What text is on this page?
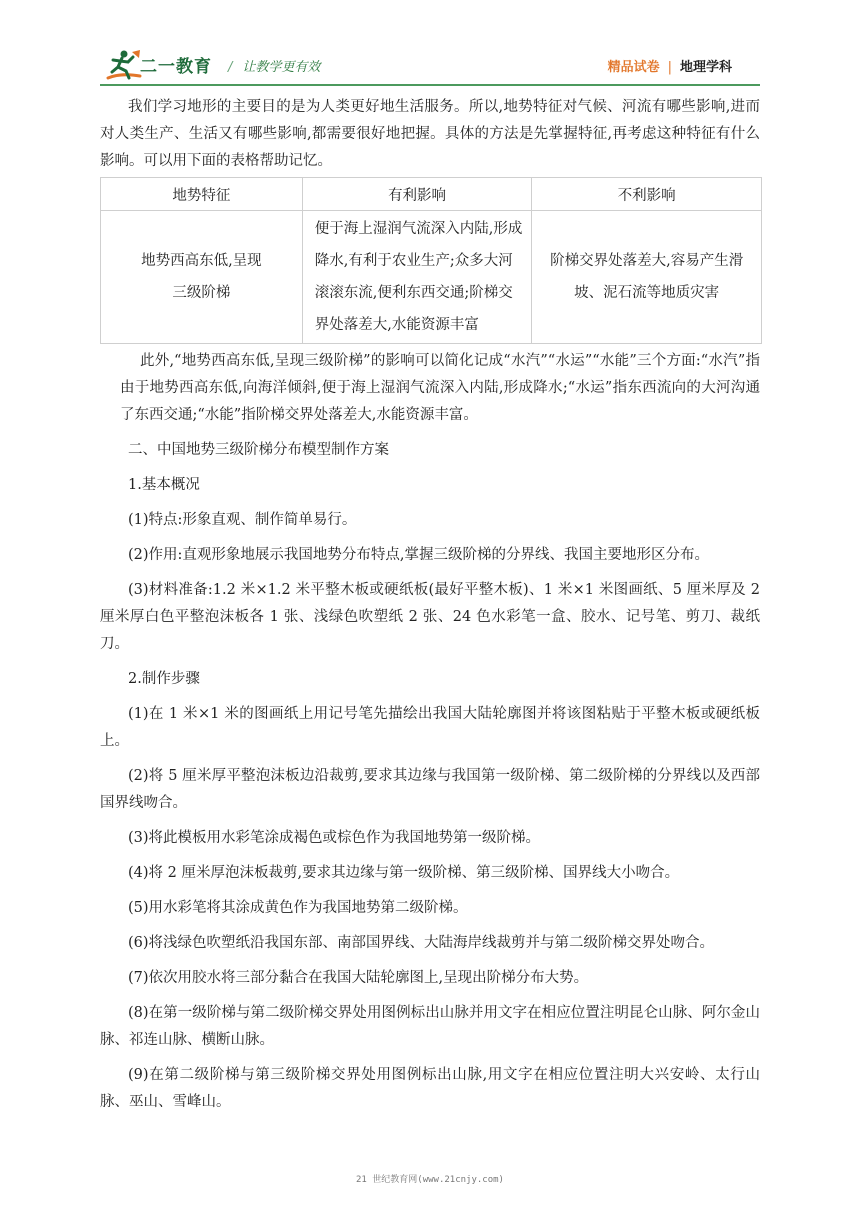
二一教育 / 让教学更有效	精品试卷 | 地理学科

我们学习地形的主要目的是为人类更好地生活服务。所以,地势特征对气候、河流有哪些影响,进而对人类生产、生活又有哪些影响,都需要很好地把握。具体的方法是先掌握特征,再考虑这种特征有什么影响。可以用下面的表格帮助记忆。

地势特征	有利影响	不利影响
地势西高东低,呈现三级阶梯	便于海上湿润气流深入内陆,形成降水,有利于农业生产;众多大河滚滚东流,便利东西交通;阶梯交界处落差大,水能资源丰富	阶梯交界处落差大,容易产生滑坡、泥石流等地质灾害

此外,“地势西高东低,呈现三级阶梯”的影响可以简化记成“水汽”“水运”“水能”三个方面:“水汽”指由于地势西高东低,向海洋倾斜,便于海上湿润气流深入内陆,形成降水;“水运”指东西流向的大河沟通了东西交通;“水能”指阶梯交界处落差大,水能资源丰富。

二、中国地势三级阶梯分布模型制作方案

1.基本概况

(1)特点:形象直观、制作简单易行。

(2)作用:直观形象地展示我国地势分布特点,掌握三级阶梯的分界线、我国主要地形区分布。

(3)材料准备:1.2 米×1.2 米平整木板或硬纸板(最好平整木板)、1 米×1 米图画纸、5 厘米厚及 2 厘米厚白色平整泡沫板各 1 张、浅绿色吹塑纸 2 张、24 色水彩笔一盒、胶水、记号笔、剪刀、裁纸刀。

2.制作步骤

(1)在 1 米×1 米的图画纸上用记号笔先描绘出我国大陆轮廓图并将该图粘贴于平整木板或硬纸板上。

(2)将 5 厘米厚平整泡沫板边沿裁剪,要求其边缘与我国第一级阶梯、第二级阶梯的分界线以及西部国界线吻合。

(3)将此模板用水彩笔涂成褐色或棕色作为我国地势第一级阶梯。

(4)将 2 厘米厚泡沫板裁剪,要求其边缘与第一级阶梯、第三级阶梯、国界线大小吻合。

(5)用水彩笔将其涂成黄色作为我国地势第二级阶梯。

(6)将浅绿色吹塑纸沿我国东部、南部国界线、大陆海岸线裁剪并与第二级阶梯交界处吻合。

(7)依次用胶水将三部分黏合在我国大陆轮廓图上,呈现出阶梯分布大势。

(8)在第一级阶梯与第二级阶梯交界处用图例标出山脉并用文字在相应位置注明昆仑山脉、阿尔金山脉、祁连山脉、横断山脉。

(9)在第二级阶梯与第三级阶梯交界处用图例标出山脉,用文字在相应位置注明大兴安岭、太行山脉、巫山、雪峰山。

21 世纪教育网(www.21cnjy.com)
